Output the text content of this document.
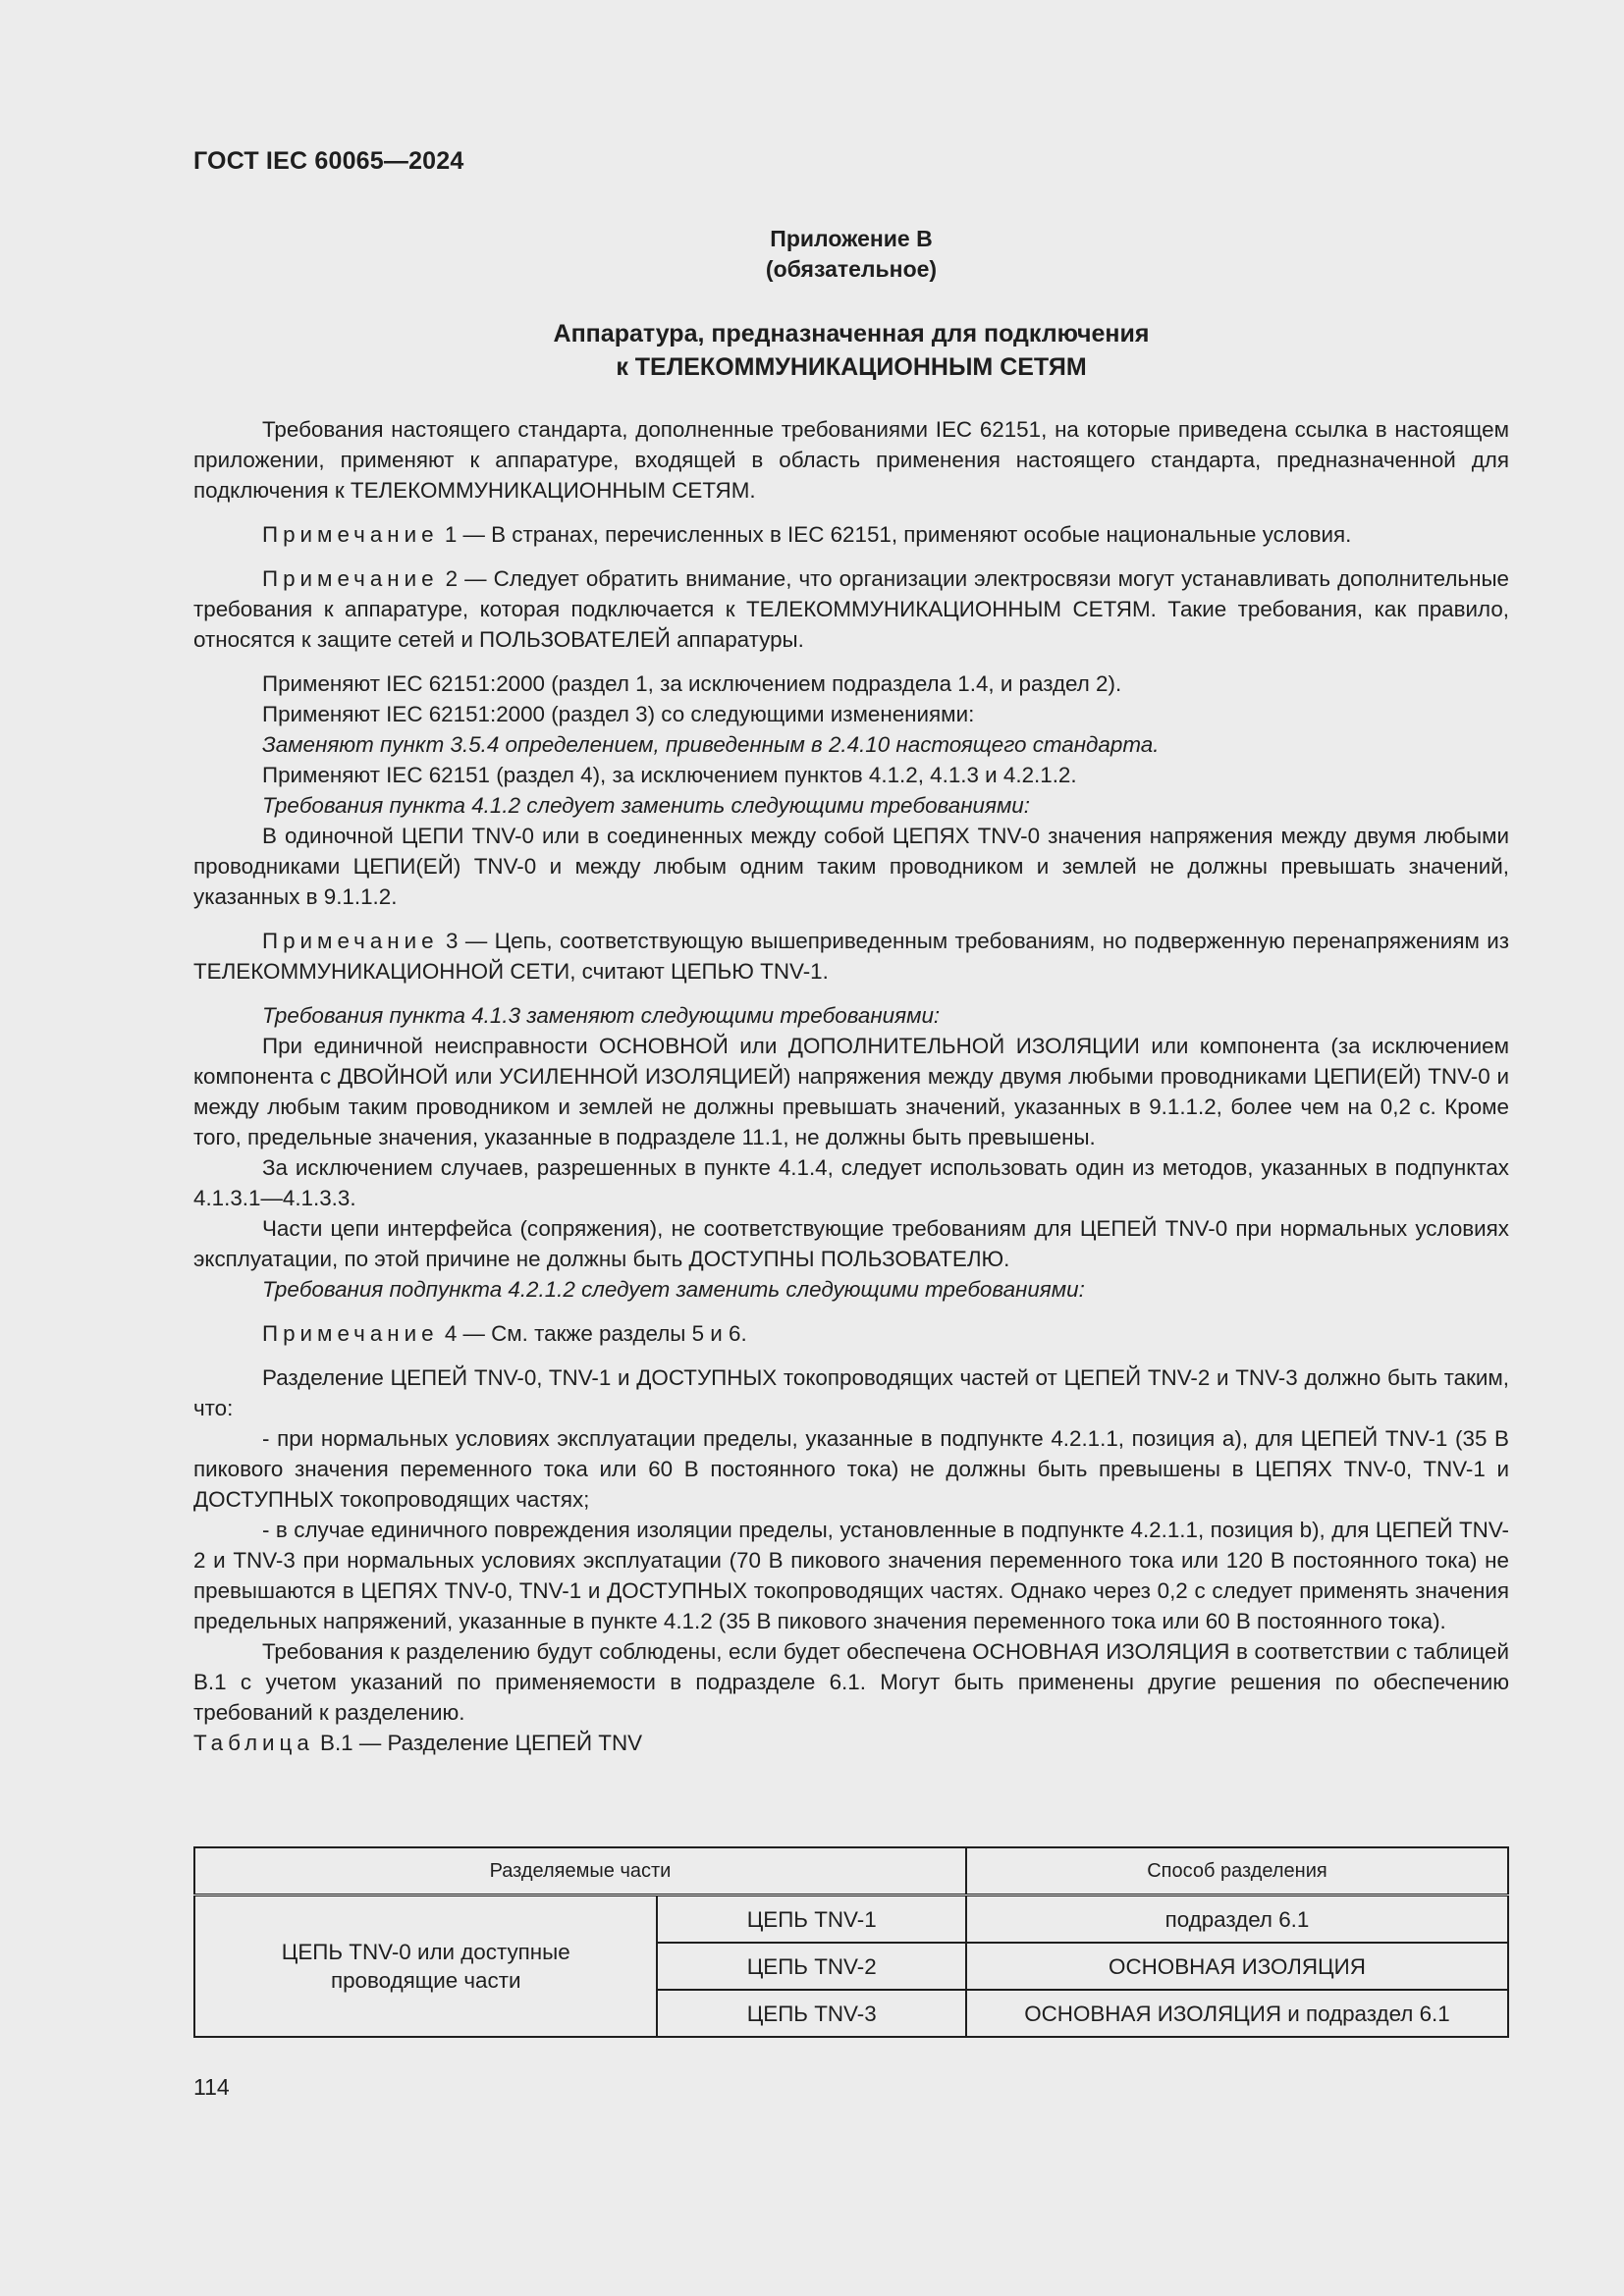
ГОСТ IEC 60065—2024
Приложение В
(обязательное)
Аппаратура, предназначенная для подключения
к ТЕЛЕКОММУНИКАЦИОННЫМ СЕТЯМ

Требования настоящего стандарта, дополненные требованиями IEC 62151, на которые приведена ссылка в настоящем приложении, применяют к аппаратуре, входящей в область применения настоящего стандарта, предназначенной для подключения к ТЕЛЕКОММУНИКАЦИОННЫМ СЕТЯМ.

Примечание 1 — В странах, перечисленных в IEC 62151, применяют особые национальные условия.

Примечание 2 — Следует обратить внимание, что организации электросвязи могут устанавливать дополнительные требования к аппаратуре, которая подключается к ТЕЛЕКОММУНИКАЦИОННЫМ СЕТЯМ. Такие требования, как правило, относятся к защите сетей и ПОЛЬЗОВАТЕЛЕЙ аппаратуры.

Применяют IEC 62151:2000 (раздел 1, за исключением подраздела 1.4, и раздел 2).

Применяют IEC 62151:2000 (раздел 3) со следующими изменениями:

Заменяют пункт 3.5.4 определением, приведенным в 2.4.10 настоящего стандарта.

Применяют IEC 62151 (раздел 4), за исключением пунктов 4.1.2, 4.1.3 и 4.2.1.2.

Требования пункта 4.1.2 следует заменить следующими требованиями:

В одиночной ЦЕПИ TNV-0 или в соединенных между собой ЦЕПЯХ TNV-0 значения напряжения между двумя любыми проводниками ЦЕПИ(ЕЙ) TNV-0 и между любым одним таким проводником и землей не должны превышать значений, указанных в 9.1.1.2.

Примечание 3 — Цепь, соответствующую вышеприведенным требованиям, но подверженную перенапряжениям из ТЕЛЕКОММУНИКАЦИОННОЙ СЕТИ, считают ЦЕПЬЮ TNV-1.

Требования пункта 4.1.3 заменяют следующими требованиями:

При единичной неисправности ОСНОВНОЙ или ДОПОЛНИТЕЛЬНОЙ ИЗОЛЯЦИИ или компонента (за исключением компонента с ДВОЙНОЙ или УСИЛЕННОЙ ИЗОЛЯЦИЕЙ) напряжения между двумя любыми проводниками ЦЕПИ(ЕЙ) TNV-0 и между любым таким проводником и землей не должны превышать значений, указанных в 9.1.1.2, более чем на 0,2 с. Кроме того, предельные значения, указанные в подразделе 11.1, не должны быть превышены.

За исключением случаев, разрешенных в пункте 4.1.4, следует использовать один из методов, указанных в подпунктах 4.1.3.1—4.1.3.3.

Части цепи интерфейса (сопряжения), не соответствующие требованиям для ЦЕПЕЙ TNV-0 при нормальных условиях эксплуатации, по этой причине не должны быть ДОСТУПНЫ ПОЛЬЗОВАТЕЛЮ.

Требования подпункта 4.2.1.2 следует заменить следующими требованиями:

Примечание 4 — См. также разделы 5 и 6.

Разделение ЦЕПЕЙ TNV-0, TNV-1 и ДОСТУПНЫХ токопроводящих частей от ЦЕПЕЙ TNV-2 и TNV-3 должно быть таким, что:

- при нормальных условиях эксплуатации пределы, указанные в подпункте 4.2.1.1, позиция а), для ЦЕПЕЙ TNV-1 (35 В пикового значения переменного тока или 60 В постоянного тока) не должны быть превышены в ЦЕПЯХ TNV-0, TNV-1 и ДОСТУПНЫХ токопроводящих частях;

- в случае единичного повреждения изоляции пределы, установленные в подпункте 4.2.1.1, позиция b), для ЦЕПЕЙ TNV-2 и TNV-3 при нормальных условиях эксплуатации (70 В пикового значения переменного тока или 120 В постоянного тока) не превышаются в ЦЕПЯХ TNV-0, TNV-1 и ДОСТУПНЫХ токопроводящих частях. Однако через 0,2 с следует применять значения предельных напряжений, указанные в пункте 4.1.2 (35 В пикового значения переменного тока или 60 В постоянного тока).

Требования к разделению будут соблюдены, если будет обеспечена ОСНОВНАЯ ИЗОЛЯЦИЯ в соответствии с таблицей В.1 с учетом указаний по применяемости в подразделе 6.1. Могут быть применены другие решения по обеспечению требований к разделению.

Таблица В.1 — Разделение ЦЕПЕЙ TNV

Разделяемые части		Способ разделения
ЦЕПЬ TNV-0 или доступные проводящие части	ЦЕПЬ TNV-1	подраздел 6.1
	ЦЕПЬ TNV-2	ОСНОВНАЯ ИЗОЛЯЦИЯ
	ЦЕПЬ TNV-3	ОСНОВНАЯ ИЗОЛЯЦИЯ и подраздел 6.1
114
